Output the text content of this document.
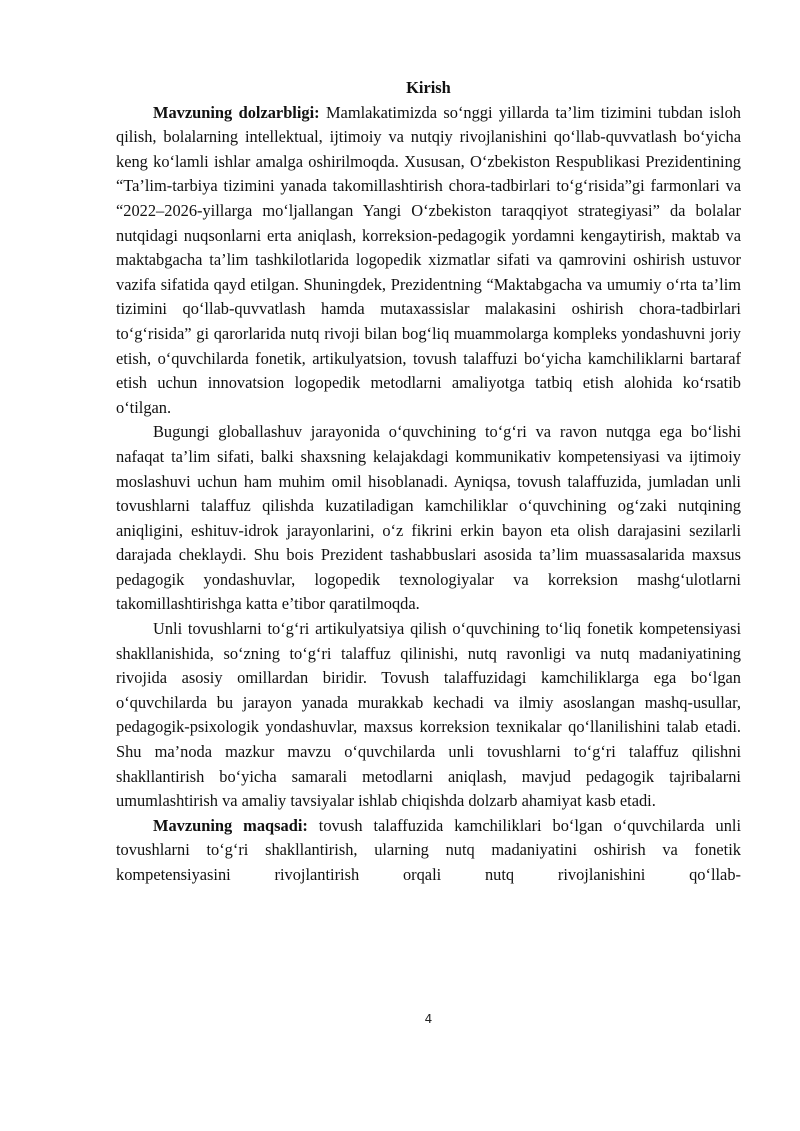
Kirish

Mavzuning dolzarbligi: Mamlakatimizda so‘nggi yillarda ta’lim tizimini tubdan isloh qilish, bolalarning intellektual, ijtimoiy va nutqiy rivojlanishini qo‘llab-quvvatlash bo‘yicha keng ko‘lamli ishlar amalga oshirilmoqda. Xususan, O‘zbekiston Respublikasi Prezidentining “Ta’lim-tarbiya tizimini yanada takomillashtirish chora-tadbirlari to‘g‘risida”gi farmonlari va “2022–2026-yillarga mo‘ljallangan Yangi O‘zbekiston taraqqiyot strategiyasi” da bolalar nutqidagi nuqsonlarni erta aniqlash, korreksion-pedagogik yordamni kengaytirish, maktab va maktabgacha ta’lim tashkilotlarida logopedik xizmatlar sifati va qamrovini oshirish ustuvor vazifa sifatida qayd etilgan. Shuningdek, Prezidentning “Maktabgacha va umumiy o‘rta ta’lim tizimini qo‘llab-quvvatlash hamda mutaxassislar malakasini oshirish chora-tadbirlari to‘g‘risida” gi qarorlarida nutq rivoji bilan bog‘liq muammolarga kompleks yondashuvni joriy etish, o‘quvchilarda fonetik, artikulyatsion, tovush talaffuzi bo‘yicha kamchiliklarni bartaraf etish uchun innovatsion logopedik metodlarni amaliyotga tatbiq etish alohida ko‘rsatib o‘tilgan.

Bugungi globallashuv jarayonida o‘quvchining to‘g‘ri va ravon nutqga ega bo‘lishi nafaqat ta’lim sifati, balki shaxsning kelajakdagi kommunikativ kompetensiyasi va ijtimoiy moslashuvi uchun ham muhim omil hisoblanadi. Ayniqsa, tovush talaffuzida, jumladan unli tovushlarni talaffuz qilishda kuzatiladigan kamchiliklar o‘quvchining og‘zaki nutqining aniqligini, eshituv-idrok jarayonlarini, o‘z fikrini erkin bayon eta olish darajasini sezilarli darajada cheklaydi. Shu bois Prezident tashabbuslari asosida ta’lim muassasalarida maxsus pedagogik yondashuvlar, logopedik texnologiyalar va korreksion mashg‘ulotlarni takomillashtirishga katta e’tibor qaratilmoqda.

Unli tovushlarni to‘g‘ri artikulyatsiya qilish o‘quvchining to‘liq fonetik kompetensiyasi shakllanishida, so‘zning to‘g‘ri talaffuz qilinishi, nutq ravonligi va nutq madaniyatining rivojida asosiy omillardan biridir. Tovush talaffuzidagi kamchiliklarga ega bo‘lgan o‘quvchilarda bu jarayon yanada murakkab kechadi va ilmiy asoslangan mashq-usullar, pedagogik-psixologik yondashuvlar, maxsus korreksion texnikalar qo‘llanilishini talab etadi. Shu ma’noda mazkur mavzu o‘quvchilarda unli tovushlarni to‘g‘ri talaffuz qilishni shakllantirish bo‘yicha samarali metodlarni aniqlash, mavjud pedagogik tajribalarni umumlashtirish va amaliy tavsiyalar ishlab chiqishda dolzarb ahamiyat kasb etadi.

Mavzuning maqsadi: tovush talaffuzida kamchiliklari bo‘lgan o‘quvchilarda unli tovushlarni to‘g‘ri shakllantirish, ularning nutq madaniyatini oshirish va fonetik kompetensiyasini rivojlantirish orqali nutq rivojlanishini qo‘llab-

4
